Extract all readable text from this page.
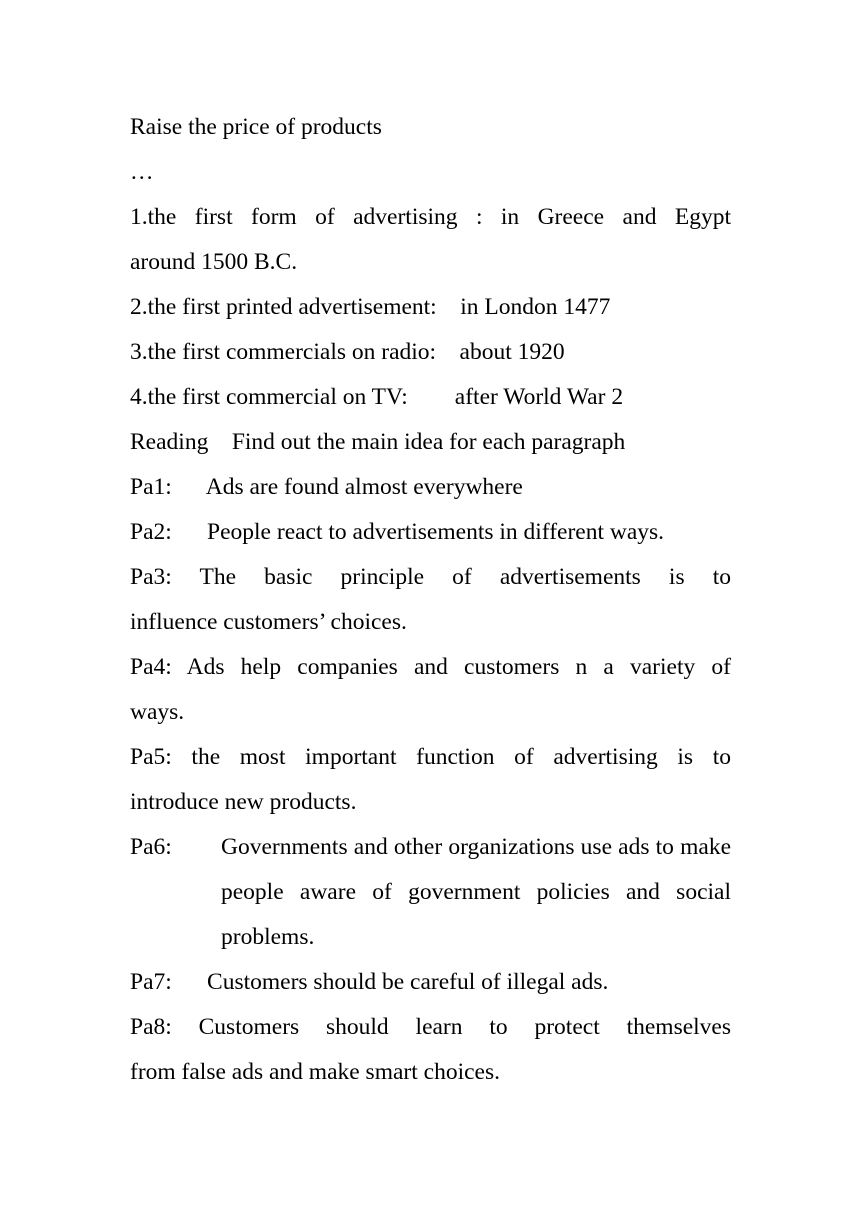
Raise the price of products
…
1.the first form of advertising : in Greece and Egypt
around 1500 B.C.
2.the first printed advertisement:    in London 1477
3.the first commercials on radio:    about 1920
4.the first commercial on TV:        after World War 2
Reading    Find out the main idea for each paragraph
Pa1:      Ads are found almost everywhere
Pa2:      People react to advertisements in different ways.
Pa3: The basic principle of advertisements is to
influence customers’ choices.
Pa4: Ads help companies and customers n a variety of
ways.
Pa5: the most important function of advertising is to
introduce new products.
Pa6: Governments and other organizations use ads to make people aware of government policies and social problems.
Pa7:      Customers should be careful of illegal ads.
Pa8: Customers should learn to protect themselves
from false ads and make smart choices.
